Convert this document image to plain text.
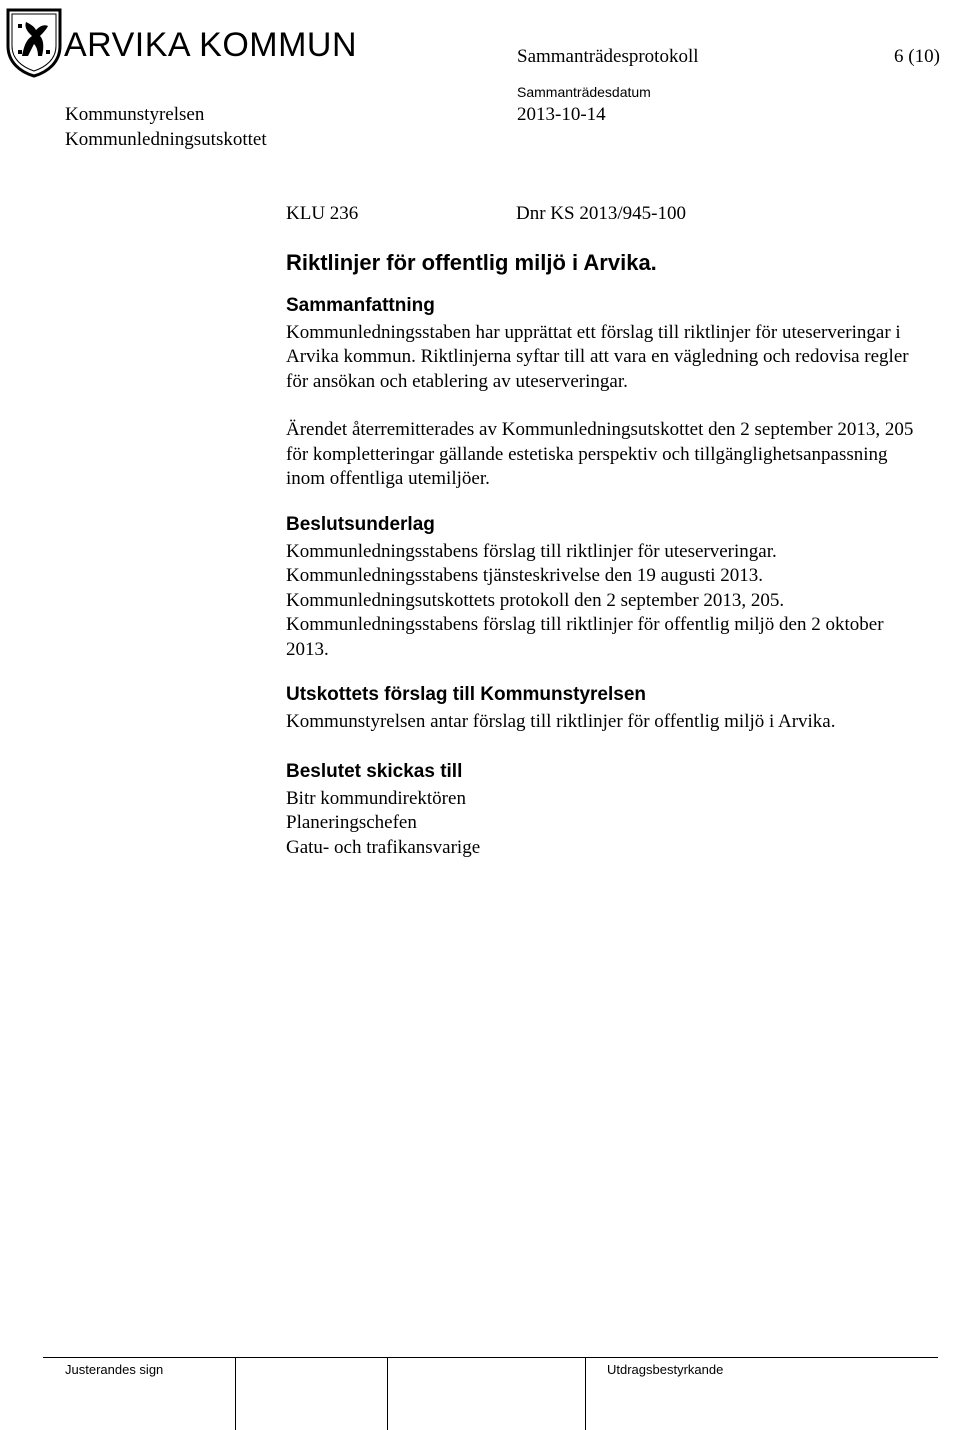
ARVIKA KOMMUN	Sammanträdesprotokoll	6 (10)
Sammanträdesdatum
Kommunstyrelsen	2013-10-14
Kommunledningsutskottet
KLU 236	Dnr KS 2013/945-100
Riktlinjer för offentlig miljö i Arvika.
Sammanfattning

Kommunledningsstaben har upprättat ett förslag till riktlinjer för uteserveringar i Arvika kommun. Riktlinjerna syftar till att vara en vägledning och redovisa regler för ansökan och etablering av uteserveringar.

Ärendet återremitterades av Kommunledningsutskottet den 2 september 2013, 205 för kompletteringar gällande estetiska perspektiv och tillgänglighetsanpassning inom offentliga utemiljöer.

Beslutsunderlag

Kommunledningsstabens förslag till riktlinjer för uteserveringar.

Kommunledningsstabens tjänsteskrivelse den 19 augusti 2013.

Kommunledningsutskottets protokoll den 2 september 2013, 205.

Kommunledningsstabens förslag till riktlinjer för offentlig miljö den 2 oktober 2013.

Utskottets förslag till Kommunstyrelsen

Kommunstyrelsen antar förslag till riktlinjer för offentlig miljö i Arvika.

Beslutet skickas till

Bitr kommundirektören

Planeringschefen

Gatu- och trafikansvarige

Justerandes sign	Utdragsbestyrkande
